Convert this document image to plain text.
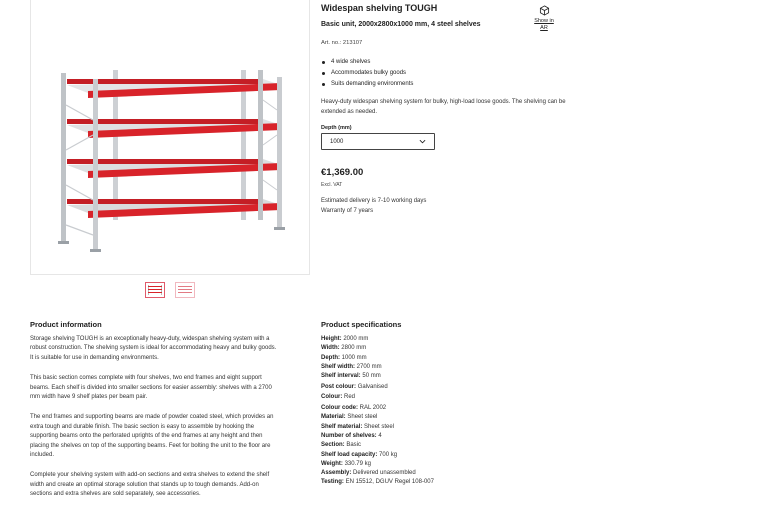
Widespan shelving TOUGH
Basic unit, 2000x2800x1000 mm, 4 steel shelves	Show in
AR
Art. no.: 213107
4 wide shelves
Accommodates bulky goods
Suits demanding environments
Heavy-duty widespan shelving system for bulky, high-load loose goods. The shelving can be extended as needed.
Depth (mm)
1000
€1,369.00
Excl. VAT
Estimated delivery is 7-10 working days
Warranty of 7 years
Product information

Storage shelving TOUGH is an exceptionally heavy-duty, widespan shelving system with a robust construction. The shelving system is ideal for accommodating heavy and bulky goods. It is suitable for use in demanding environments.

This basic section comes complete with four shelves, two end frames and eight support beams. Each shelf is divided into smaller sections for easier assembly: shelves with a 2700 mm width have 9 shelf plates per beam pair.

The end frames and supporting beams are made of powder coated steel, which provides an extra tough and durable finish. The basic section is easy to assemble by hooking the supporting beams onto the perforated uprights of the end frames at any height and then placing the shelves on top of the supporting beams. Feet for bolting the unit to the floor are included.

Complete your shelving system with add-on sections and extra shelves to extend the shelf width and create an optimal storage solution that stands up to tough demands. Add-on sections and extra shelves are sold separately, see accessories.

Product specifications
Height: 2000 mm
Width: 2800 mm
Depth: 1000 mm
Shelf width: 2700 mm
Shelf interval: 50 mm
Post colour: Galvanised
Colour: Red
Colour code: RAL 2002
Material: Sheet steel
Shelf material: Sheet steel
Number of shelves: 4
Section: Basic
Shelf load capacity: 700 kg
Weight: 330.79 kg
Assembly: Delivered unassembled
Testing: EN 15512, DGUV Regel 108-007
